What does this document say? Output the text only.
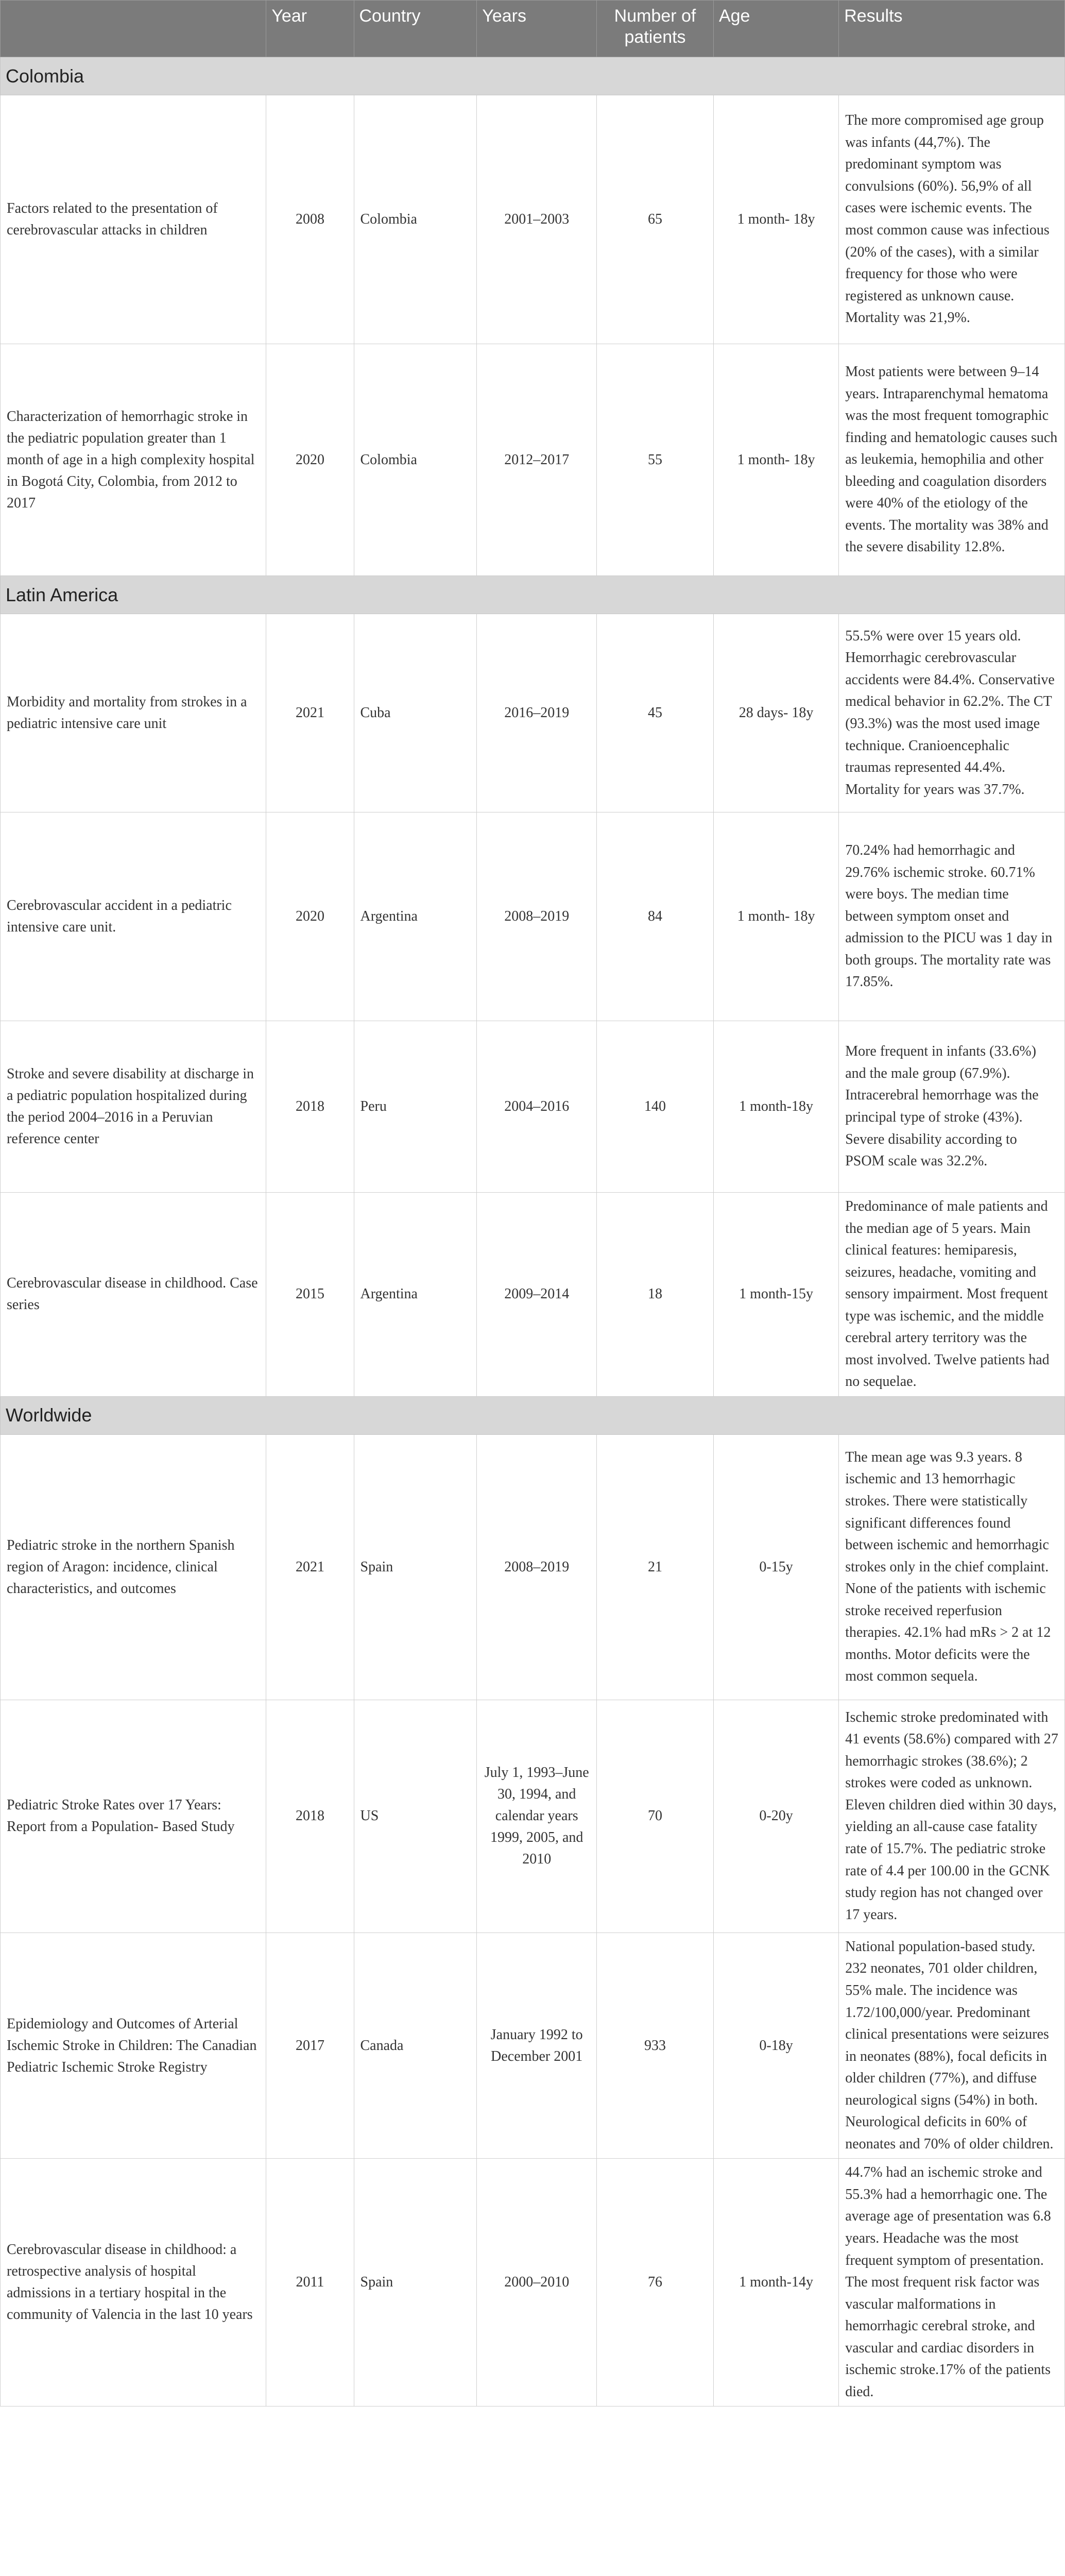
	Year	Country	Years	Number of patients	Age	Results
Colombia						
Factors related to the presentation of cerebrovascular attacks in children	2008	Colombia	2001–2003	65	1 month- 18y	The more compromised age group was infants (44,7%). The predominant symptom was convulsions (60%). 56,9% of all cases were ischemic events. The most common cause was infectious (20% of the cases), with a similar frequency for those who were registered as unknown cause. Mortality was 21,9%.
Characterization of hemorrhagic stroke in the pediatric population greater than 1 month of age in a high complexity hospital in Bogotá City, Colombia, from 2012 to 2017	2020	Colombia	2012–2017	55	1 month- 18y	Most patients were between 9–14 years. Intraparenchymal hematoma was the most frequent tomographic finding and hematologic causes such as leukemia, hemophilia and other bleeding and coagulation disorders were 40% of the etiology of the events. The mortality was 38% and the severe disability 12.8%.
Latin America						
Morbidity and mortality from strokes in a pediatric intensive care unit	2021	Cuba	2016–2019	45	28 days- 18y	55.5% were over 15 years old. Hemorrhagic cerebrovascular accidents were 84.4%. Conservative medical behavior in 62.2%. The CT (93.3%) was the most used image technique. Cranioencephalic traumas represented 44.4%. Mortality for years was 37.7%.
Cerebrovascular accident in a pediatric intensive care unit.	2020	Argentina	2008–2019	84	1 month- 18y	70.24% had hemorrhagic and 29.76% ischemic stroke. 60.71% were boys. The median time between symptom onset and admission to the PICU was 1 day in both groups. The mortality rate was 17.85%.
Stroke and severe disability at discharge in a pediatric population hospitalized during the period 2004–2016 in a Peruvian reference center	2018	Peru	2004–2016	140	1 month-18y	More frequent in infants (33.6%) and the male group (67.9%). Intracerebral hemorrhage was the principal type of stroke (43%). Severe disability according to PSOM scale was 32.2%.
Cerebrovascular disease in childhood. Case series	2015	Argentina	2009–2014	18	1 month-15y	Predominance of male patients and the median age of 5 years. Main clinical features: hemiparesis, seizures, headache, vomiting and sensory impairment. Most frequent type was ischemic, and the middle cerebral artery territory was the most involved. Twelve patients had no sequelae.
Worldwide						
Pediatric stroke in the northern Spanish region of Aragon: incidence, clinical characteristics, and outcomes	2021	Spain	2008–2019	21	0-15y	The mean age was 9.3 years. 8 ischemic and 13 hemorrhagic strokes. There were statistically significant differences found between ischemic and hemorrhagic strokes only in the chief complaint. None of the patients with ischemic stroke received reperfusion therapies. 42.1% had mRs > 2 at 12 months. Motor deficits were the most common sequela.
Pediatric Stroke Rates over 17 Years: Report from a Population- Based Study	2018	US	July 1, 1993–June 30, 1994, and calendar years 1999, 2005, and 2010	70	0-20y	Ischemic stroke predominated with 41 events (58.6%) compared with 27 hemorrhagic strokes (38.6%); 2 strokes were coded as unknown. Eleven children died within 30 days, yielding an all-cause case fatality rate of 15.7%. The pediatric stroke rate of 4.4 per 100.00 in the GCNK study region has not changed over 17 years.
Epidemiology and Outcomes of Arterial Ischemic Stroke in Children: The Canadian Pediatric Ischemic Stroke Registry	2017	Canada	January 1992 to December 2001	933	0-18y	National population-based study. 232 neonates, 701 older children, 55% male. The incidence was 1.72/100,000/year. Predominant clinical presentations were seizures in neonates (88%), focal deficits in older children (77%), and diffuse neurological signs (54%) in both. Neurological deficits in 60% of neonates and 70% of older children.
Cerebrovascular disease in childhood: a retrospective analysis of hospital admissions in a tertiary hospital in the community of Valencia in the last 10 years	2011	Spain	2000–2010	76	1 month-14y	44.7% had an ischemic stroke and 55.3% had a hemorrhagic one. The average age of presentation was 6.8 years. Headache was the most frequent symptom of presentation. The most frequent risk factor was vascular malformations in hemorrhagic cerebral stroke, and vascular and cardiac disorders in ischemic stroke.17% of the patients died.
